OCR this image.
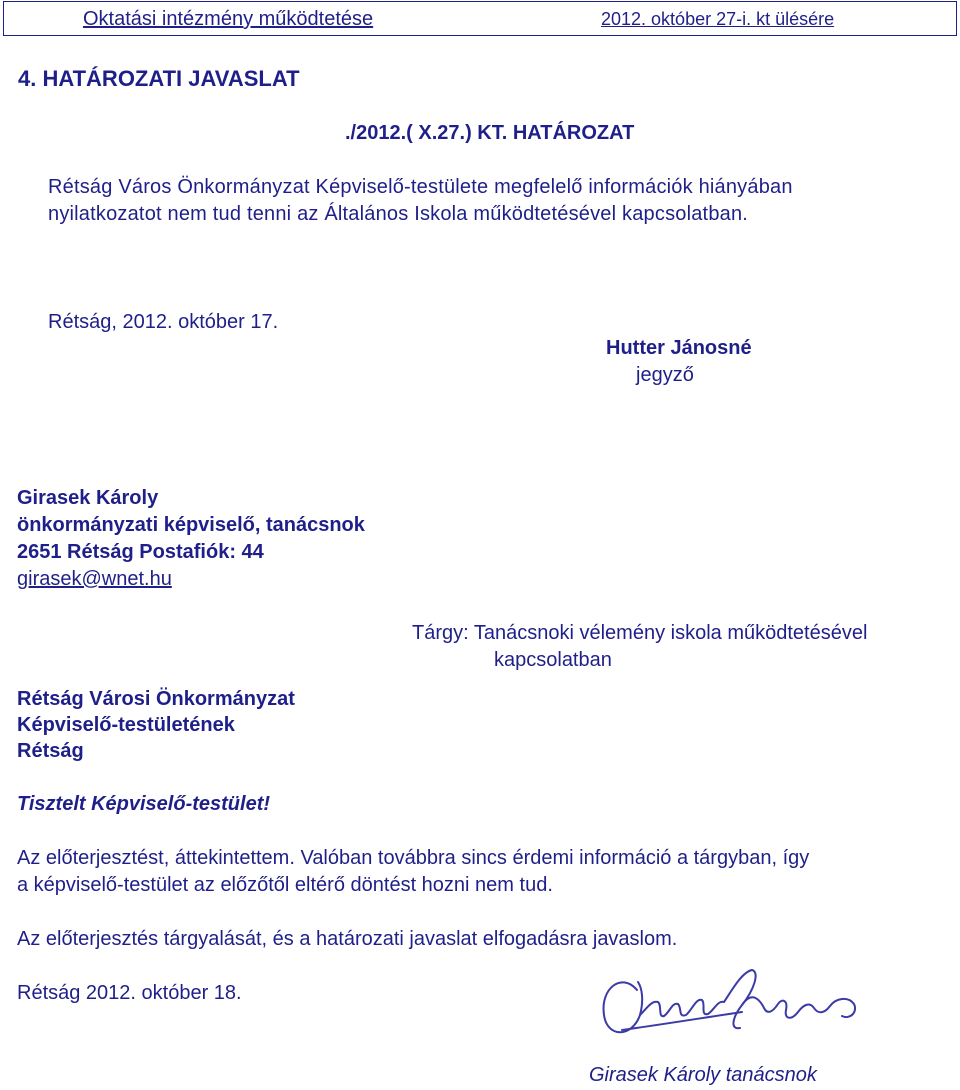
Oktatási intézmény működtetése	2012. október 27-i. kt ülésére
4. HATÁROZATI JAVASLAT
./2012.( X.27.) KT. HATÁROZAT
Rétság Város Önkormányzat Képviselő-testülete megfelelő információk hiányában
nyilatkozatot nem tud tenni az Általános Iskola működtetésével kapcsolatban.
Rétság, 2012. október 17.
Hutter Jánosné
jegyző
Girasek Károly
önkormányzati képviselő, tanácsnok
2651 Rétság Postafiók: 44
girasek@wnet.hu
Tárgy: Tanácsnoki vélemény iskola működtetésével
kapcsolatban
Rétság Városi Önkormányzat
Képviselő-testületének
Rétság
Tisztelt Képviselő-testület!
Az előterjesztést, áttekintettem. Valóban továbbra sincs érdemi információ a tárgyban, így
a képviselő-testület az előzőtől eltérő döntést hozni nem tud.
Az előterjesztés tárgyalását, és a határozati javaslat elfogadásra javaslom.
Rétság 2012. október 18.
Girasek Károly tanácsnok
